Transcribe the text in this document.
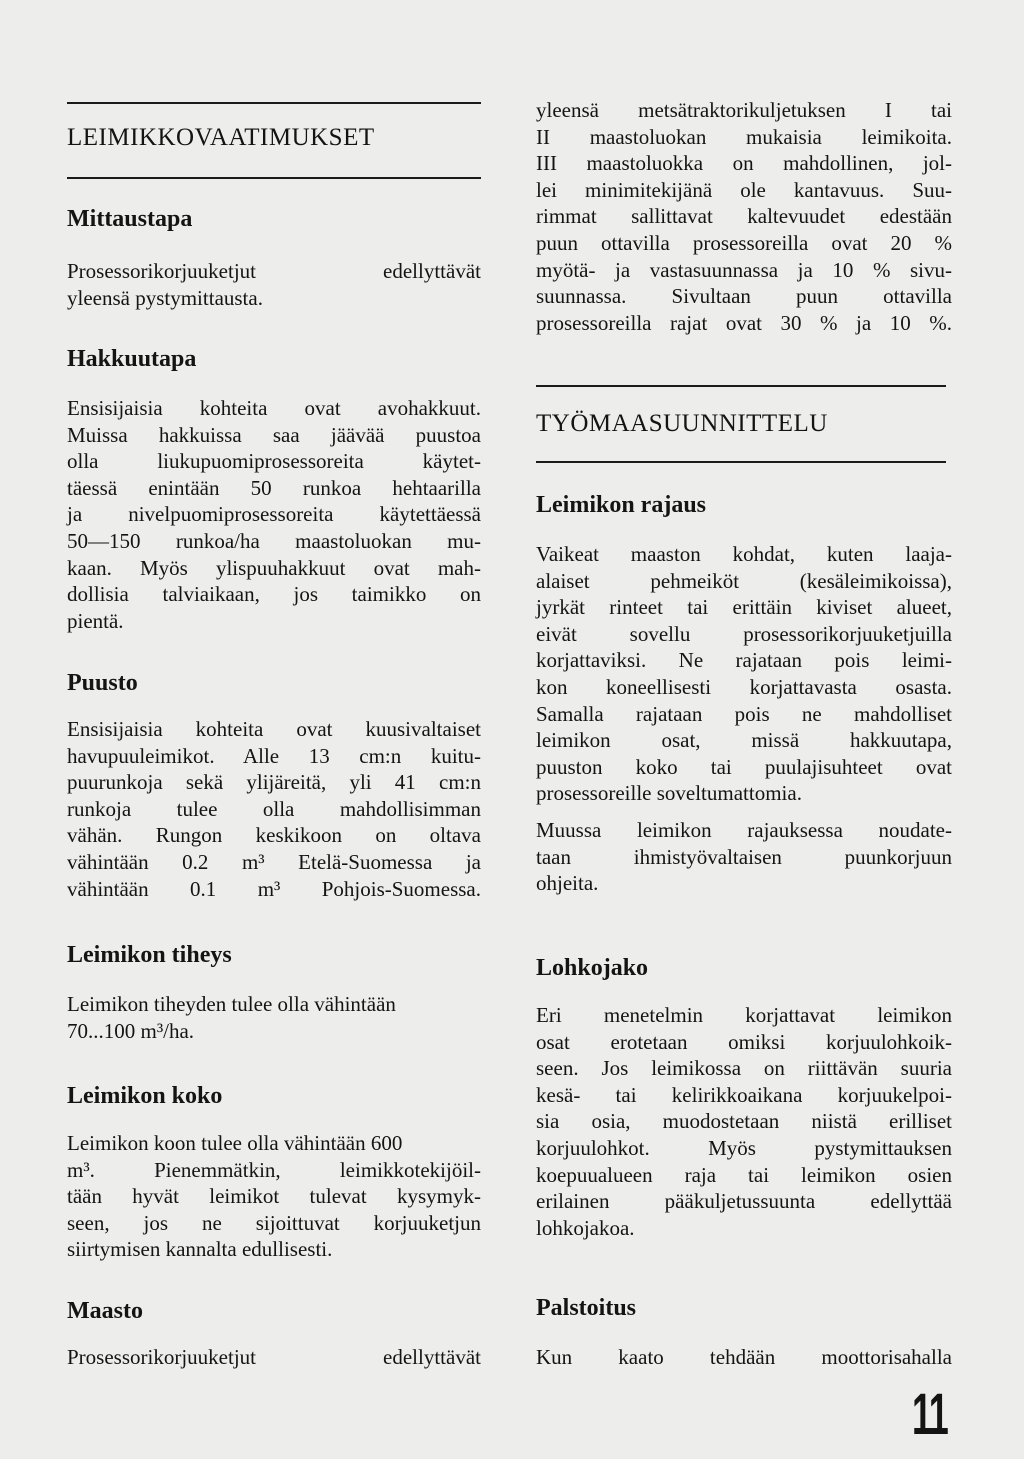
LEIMIKKOVAATIMUKSET
Mittaustapa
Prosessorikorjuuketjut edellyttävät
yleensä pystymittausta.
Hakkuutapa
Ensisijaisia kohteita ovat avohakkuut.
Muissa hakkuissa saa jäävää puustoa
olla liukupuomiprosessoreita käytet-
täessä enintään 50 runkoa hehtaarilla
ja nivelpuomiprosessoreita käytettäessä
50—150 runkoa/ha maastoluokan mu-
kaan. Myös ylispuuhakkuut ovat mah-
dollisia talviaikaan, jos taimikko on
pientä.
Puusto
Ensisijaisia kohteita ovat kuusivaltaiset
havupuuleimikot. Alle 13 cm:n kuitu-
puurunkoja sekä ylijäreitä, yli 41 cm:n
runkoja tulee olla mahdollisimman
vähän. Rungon keskikoon on oltava
vähintään 0.2 m³ Etelä-Suomessa ja
vähintään 0.1 m³ Pohjois-Suomessa.
Leimikon tiheys
Leimikon tiheyden tulee olla vähintään
70...100 m³/ha.
Leimikon koko
Leimikon koon tulee olla vähintään 600
m³. Pienemmätkin, leimikkotekijöil-
tään hyvät leimikot tulevat kysymyk-
seen, jos ne sijoittuvat korjuuketjun
siirtymisen kannalta edullisesti.
Maasto
Prosessorikorjuuketjut edellyttävät
yleensä metsätraktorikuljetuksen I tai
II maastoluokan mukaisia leimikoita.
III maastoluokka on mahdollinen, jol-
lei minimitekijänä ole kantavuus. Suu-
rimmat sallittavat kaltevuudet edestään
puun ottavilla prosessoreilla ovat 20 %
myötä- ja vastasuunnassa ja 10 % sivu-
suunnassa. Sivultaan puun ottavilla
prosessoreilla rajat ovat 30 % ja 10 %.
TYÖMAASUUNNITTELU
Leimikon rajaus
Vaikeat maaston kohdat, kuten laaja-
alaiset pehmeiköt (kesäleimikoissa),
jyrkät rinteet tai erittäin kiviset alueet,
eivät sovellu prosessorikorjuuketjuilla
korjattaviksi. Ne rajataan pois leimi-
kon koneellisesti korjattavasta osasta.
Samalla rajataan pois ne mahdolliset
leimikon osat, missä hakkuutapa,
puuston koko tai puulajisuhteet ovat
prosessoreille soveltumattomia.
Muussa leimikon rajauksessa noudate-
taan ihmistyövaltaisen puunkorjuun
ohjeita.
Lohkojako
Eri menetelmin korjattavat leimikon
osat erotetaan omiksi korjuulohkoik-
seen. Jos leimikossa on riittävän suuria
kesä- tai kelirikkoaikana korjuukelpoi-
sia osia, muodostetaan niistä erilliset
korjuulohkot. Myös pystymittauksen
koepuualueen raja tai leimikon osien
erilainen pääkuljetussuunta edellyttää
lohkojakoa.
Palstoitus
Kun kaato tehdään moottorisahalla
11
